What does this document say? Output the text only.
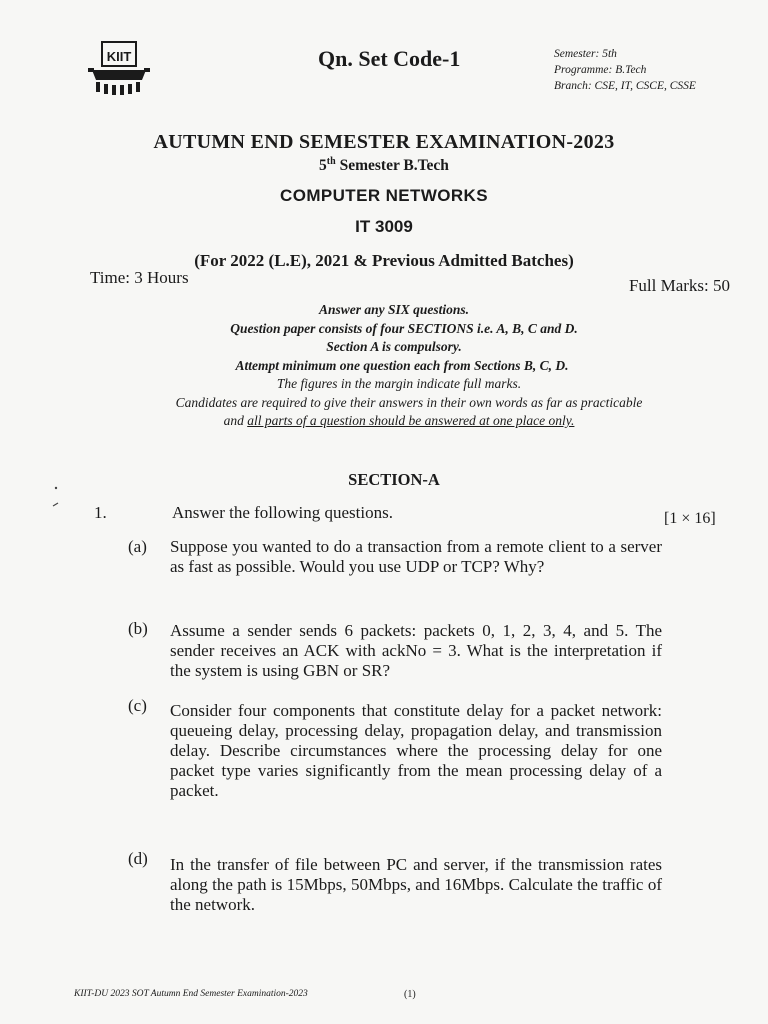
KIIT	Qn. Set Code-1	Semester: 5th
Programme: B.Tech
Branch: CSE, IT, CSCE, CSSE
AUTUMN END SEMESTER EXAMINATION-2023
5th Semester B.Tech
COMPUTER NETWORKS
IT 3009
(For 2022 (L.E), 2021 & Previous Admitted Batches)
Time: 3 Hours	Full Marks: 50
Answer any SIX questions.
Question paper consists of four SECTIONS i.e. A, B, C and D.
Section A is compulsory.
Attempt minimum one question each from Sections B, C, D.
The figures in the margin indicate full marks.
Candidates are required to give their answers in their own words as far as practicable
and all parts of a question should be answered at one place only.
SECTION-A
1.	Answer the following questions.	[1 × 16]
(a) Suppose you wanted to do a transaction from a remote client to a server as fast as possible. Would you use UDP or TCP? Why?
(b) Assume a sender sends 6 packets: packets 0, 1, 2, 3, 4, and 5. The sender receives an ACK with ackNo = 3. What is the interpretation if the system is using GBN or SR?
(c) Consider four components that constitute delay for a packet network: queueing delay, processing delay, propagation delay, and transmission delay. Describe circumstances where the processing delay for one packet type varies significantly from the mean processing delay of a packet.
(d) In the transfer of file between PC and server, if the transmission rates along the path is 15Mbps, 50Mbps, and 16Mbps. Calculate the traffic of the network.
KIIT-DU 2023 SOT Autumn End Semester Examination-2023	(1)
